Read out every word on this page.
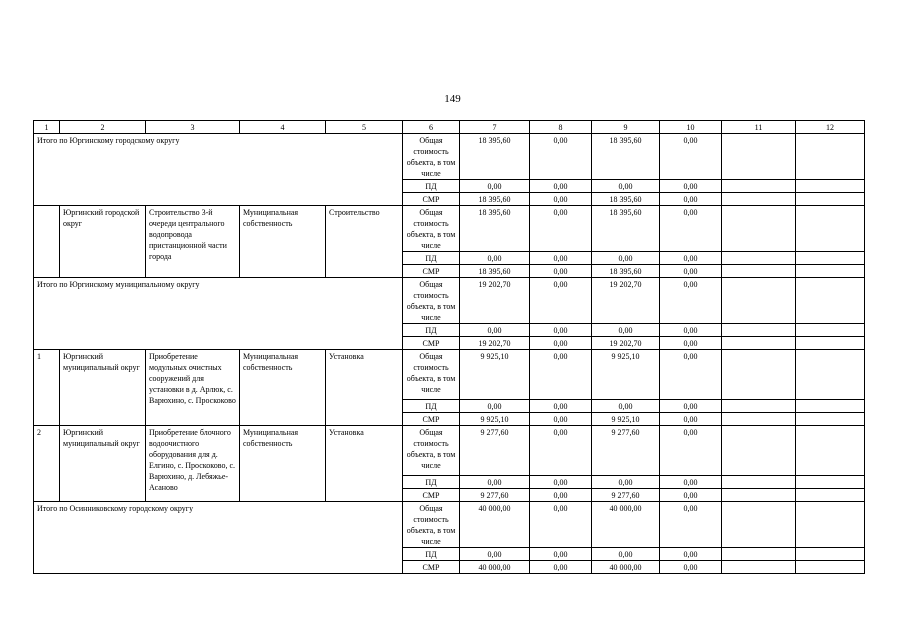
149
1	2	3	4	5	6	7	8	9	10	11	12
Итого по Юргинскому городскому округу					Общая стоимость объекта, в том числе	18 395,60	0,00	18 395,60	0,00		
					ПД	0,00	0,00	0,00	0,00		
					СМР	18 395,60	0,00	18 395,60	0,00		
	Юргинский городской округ	Строительство 3-й очереди центрального водопровода пристанционной части города	Муниципальная собственность	Строительство	Общая стоимость объекта, в том числе	18 395,60	0,00	18 395,60	0,00		
					ПД	0,00	0,00	0,00	0,00		
					СМР	18 395,60	0,00	18 395,60	0,00		
Итого по Юргинскому муниципальному округу					Общая стоимость объекта, в том числе	19 202,70	0,00	19 202,70	0,00		
					ПД	0,00	0,00	0,00	0,00		
					СМР	19 202,70	0,00	19 202,70	0,00		
1	Юргинский муниципальный округ	Приобретение модульных очистных сооружений для установки в д. Арлюк, с. Варюхино, с. Проскоково	Муниципальная собственность	Установка	Общая стоимость объекта, в том числе	9 925,10	0,00	9 925,10	0,00		
					ПД	0,00	0,00	0,00	0,00		
					СМР	9 925,10	0,00	9 925,10	0,00		
2	Юргинский муниципальный округ	Приобретение блочного водоочистного оборудования для д. Елгино, с. Проскоково, с. Варюхино, д. Лебяжье-Асаново	Муниципальная собственность	Установка	Общая стоимость объекта, в том числе	9 277,60	0,00	9 277,60	0,00		
					ПД	0,00	0,00	0,00	0,00		
					СМР	9 277,60	0,00	9 277,60	0,00		
Итого по Осинниковскому городскому округу					Общая стоимость объекта, в том числе	40 000,00	0,00	40 000,00	0,00		
					ПД	0,00	0,00	0,00	0,00		
					СМР	40 000,00	0,00	40 000,00	0,00		
